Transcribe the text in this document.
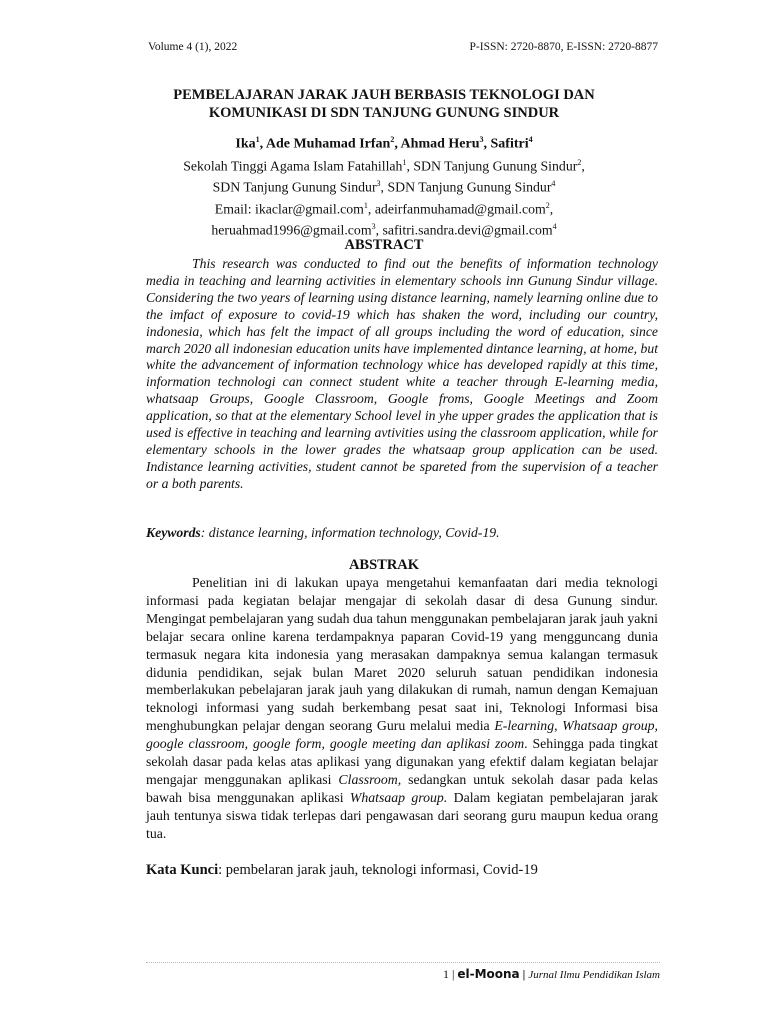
Volume 4 (1), 2022	P-ISSN: 2720-8870, E-ISSN: 2720-8877
PEMBELAJARAN JARAK JAUH BERBASIS TEKNOLOGI DAN
KOMUNIKASI DI SDN TANJUNG GUNUNG SINDUR
Ika$^1$, Ade Muhamad Irfan$^2$, Ahmad Heru$^3$, Safitri$^4$
Sekolah Tinggi Agama Islam Fatahillah$^1$, SDN Tanjung Gunung Sindur$^2$,
SDN Tanjung Gunung Sindur$^3$, SDN Tanjung Gunung Sindur$^4$
Email: ikaclar@gmail.com$^1$, adeirfanmuhamad@gmail.com$^2$,
heruahmad1996@gmail.com$^3$, safitri.sandra.devi@gmail.com$^4$
ABSTRACT
This research was conducted to find out the benefits of information technology media in teaching and learning activities in elementary schools inn Gunung Sindur village. Considering the two years of learning using distance learning, namely learning online due to the imfact of exposure to covid-19 which has shaken the word, including our country, indonesia, which has felt the impact of all groups including the word of education, since march 2020 all indonesian education units have implemented dintance learning, at home, but white the advancement of information technology whice has developed rapidly at this time, information technologi can connect student white a teacher through E-learning media, whatsaap Groups, Google Classroom, Google froms, Google Meetings and Zoom application, so that at the elementary School level in yhe upper grades the application that is used is effective in teaching and learning avtivities using the classroom application, while for elementary schools in the lower grades the whatsaap group application can be used. Indistance learning activities, student cannot be spareted from the supervision of a teacher or a both parents.
Keywords: distance learning, information technology, Covid-19.
ABSTRAK
Penelitian ini di lakukan upaya mengetahui kemanfaatan dari media teknologi informasi pada kegiatan belajar mengajar di sekolah dasar di desa Gunung sindur. Mengingat pembelajaran yang sudah dua tahun menggunakan pembelajaran jarak jauh yakni belajar secara online karena terdampaknya paparan Covid-19 yang mengguncang dunia termasuk negara kita indonesia yang merasakan dampaknya semua kalangan termasuk didunia pendidikan, sejak bulan Maret 2020 seluruh satuan pendidikan indonesia memberlakukan pebelajaran jarak jauh yang dilakukan di rumah, namun dengan Kemajuan teknologi informasi yang sudah berkembang pesat saat ini, Teknologi Informasi bisa menghubungkan pelajar dengan seorang Guru melalui media E-learning, Whatsaap group, google classroom, google form, google meeting dan aplikasi zoom. Sehingga pada tingkat sekolah dasar pada kelas atas aplikasi yang digunakan yang efektif dalam kegiatan belajar mengajar menggunakan aplikasi Classroom, sedangkan untuk sekolah dasar pada kelas bawah bisa menggunakan aplikasi Whatsaap group. Dalam kegiatan pembelajaran jarak jauh tentunya siswa tidak terlepas dari pengawasan dari seorang guru maupun kedua orang tua.
Kata Kunci: pembelaran jarak jauh, teknologi informasi, Covid-19
1 | el-Moona | Jurnal Ilmu Pendidikan Islam
